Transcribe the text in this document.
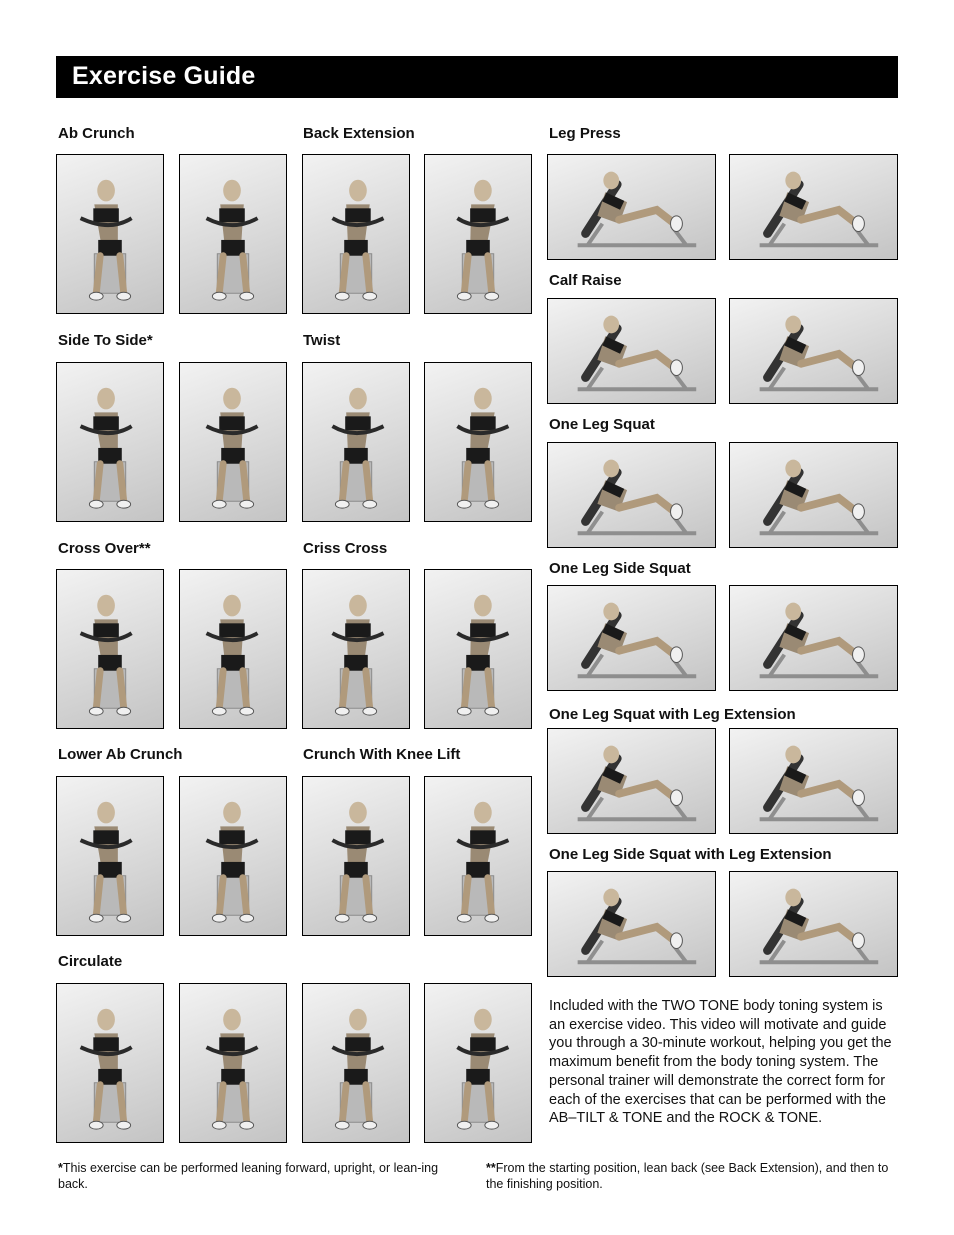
Exercise Guide
Ab Crunch	Back Extension
Side To Side*	Twist
Cross Over**	Criss Cross
Lower Ab Crunch	Crunch With Knee Lift
Circulate
Leg Press
Calf Raise
One Leg Squat
One Leg Side Squat
One Leg Squat with Leg Extension
One Leg Side Squat with Leg Extension
Included with the TWO TONE body toning system is an exercise video. This video will motivate and guide you through a 30-minute workout, helping you get the maximum benefit from the body toning system. The personal trainer will demonstrate the correct form for each of the exercises that can be performed with the AB–TILT & TONE and the ROCK & TONE.
*This exercise can be performed leaning forward, upright, or lean-ing back.
**From the starting position, lean back (see Back Extension), and then to the finishing position.
